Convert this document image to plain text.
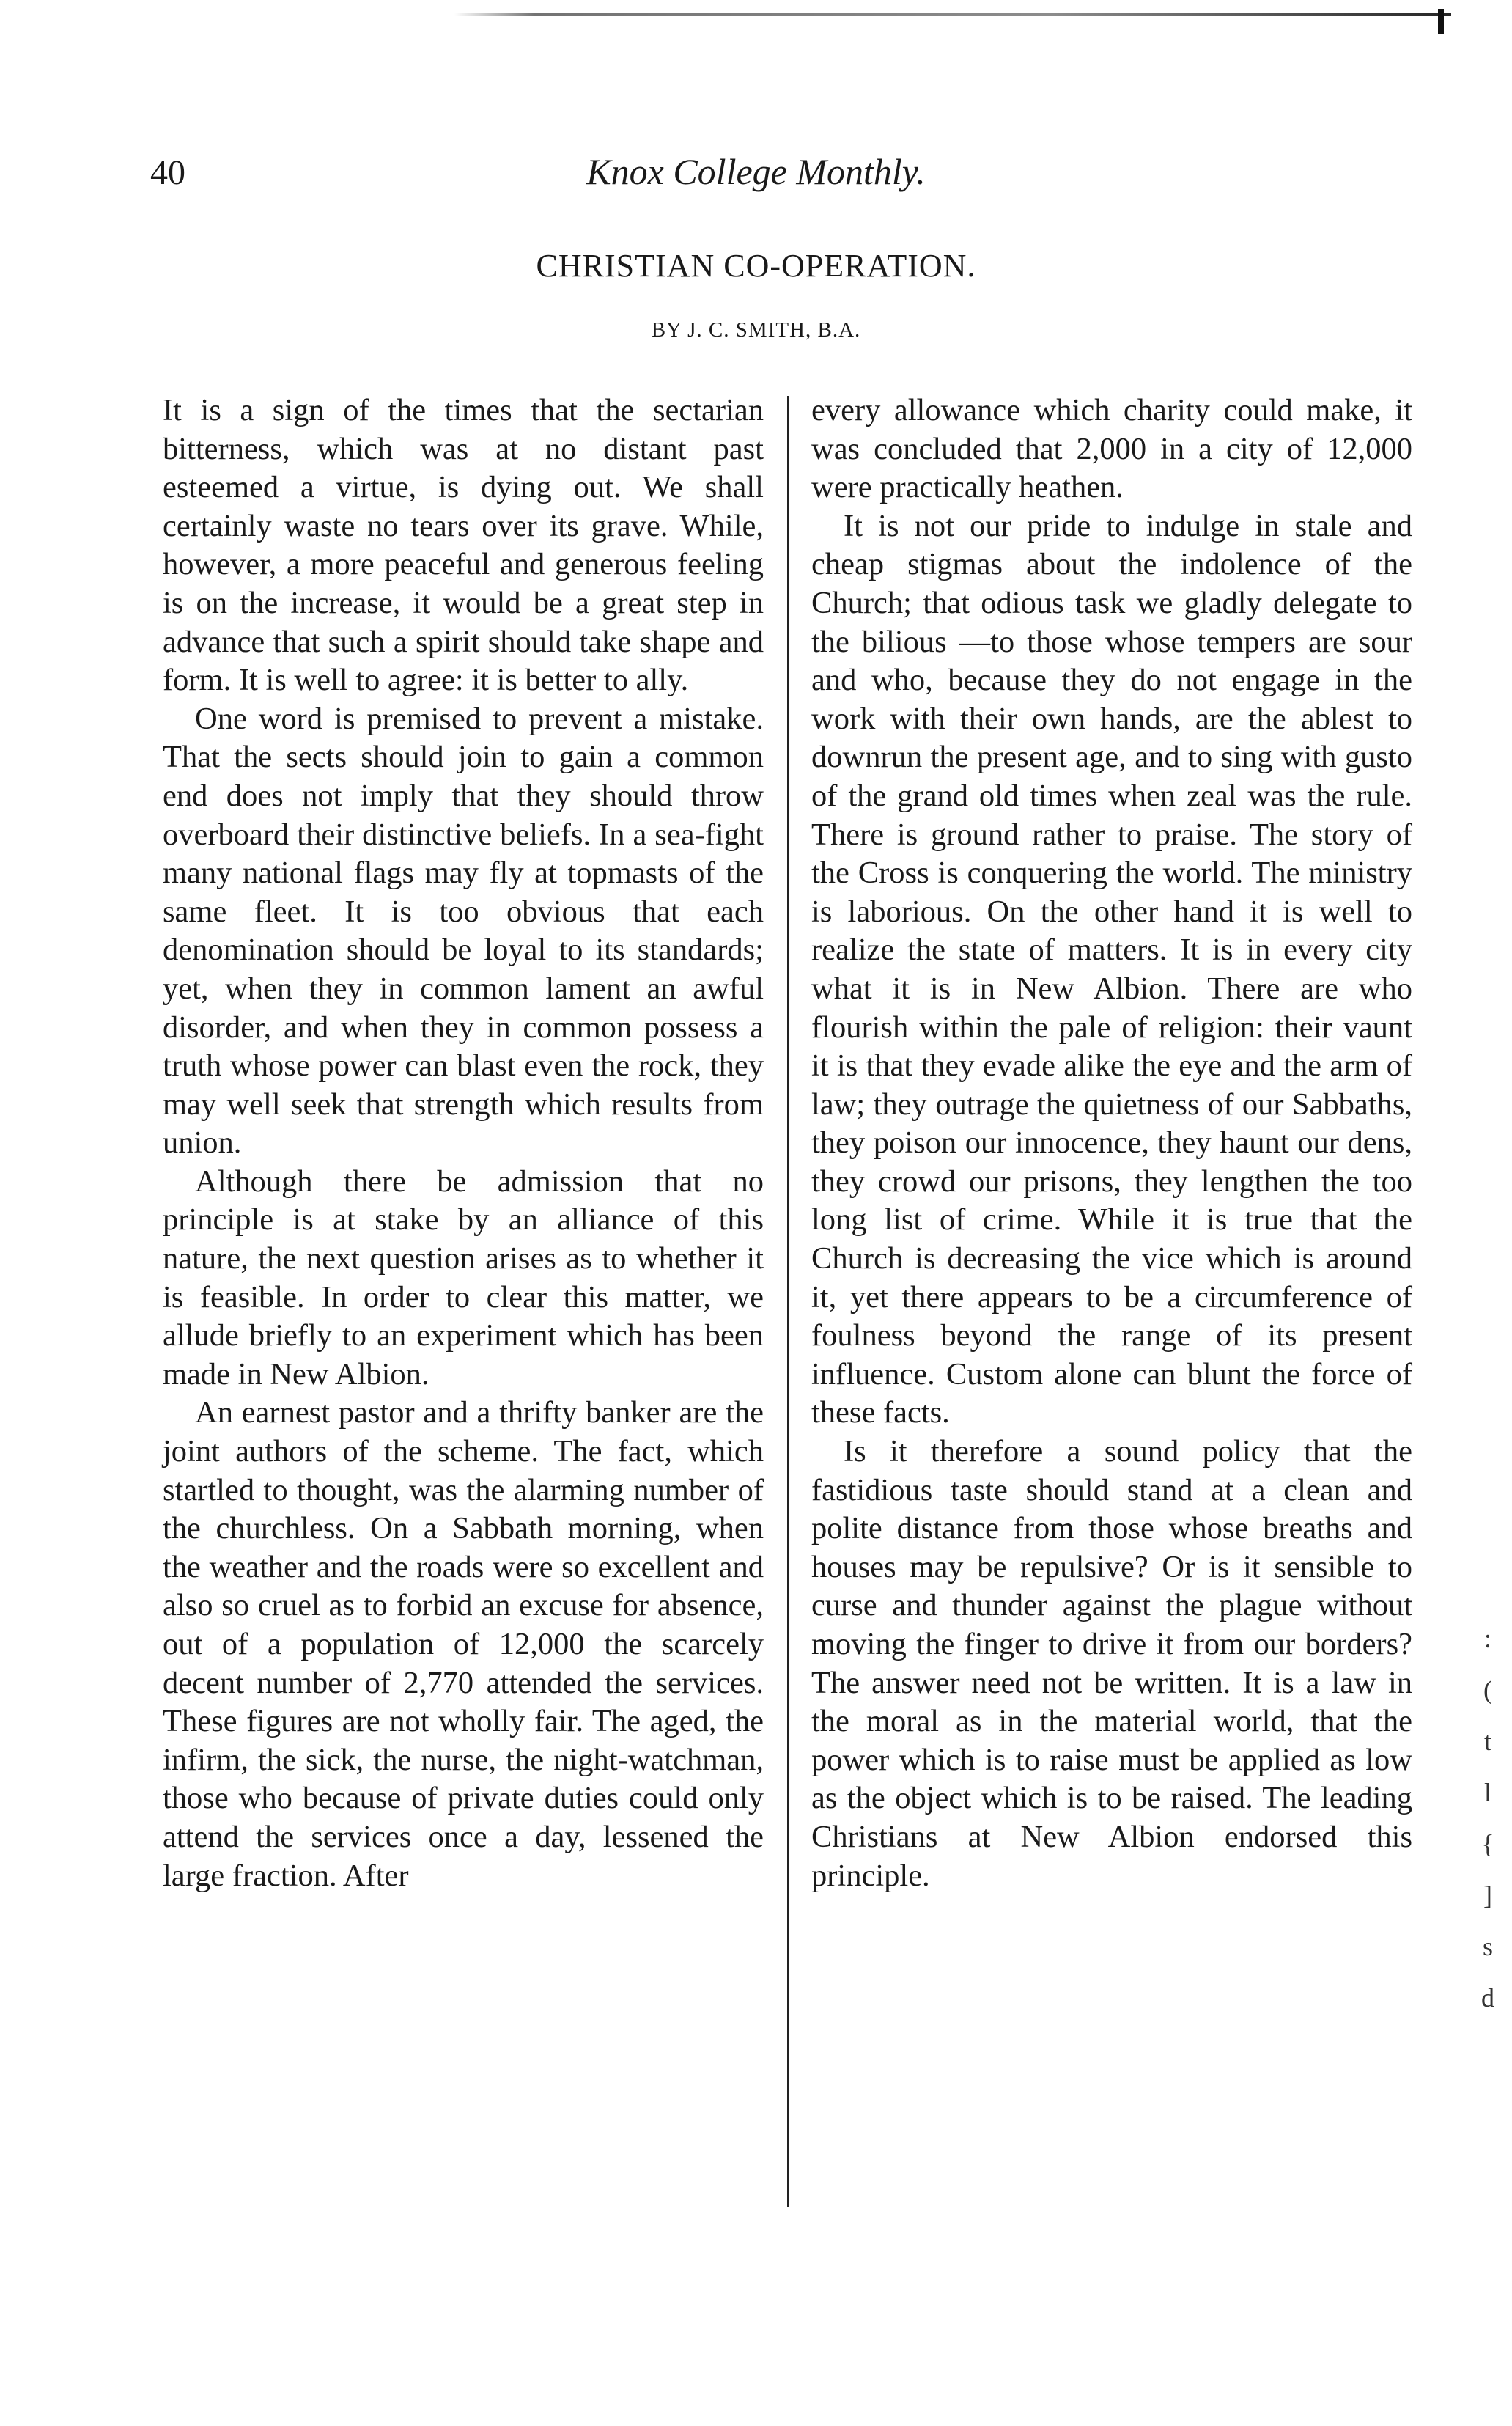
40	Knox College Monthly.
CHRISTIAN CO-OPERATION.
BY J. C. SMITH, B.A.

It is a sign of the times that the sectarian bitterness, which was at no distant past esteemed a virtue, is dying out. We shall certainly waste no tears over its grave. While, however, a more peaceful and generous feeling is on the increase, it would be a great step in advance that such a spirit should take shape and form. It is well to agree: it is better to ally.

One word is premised to prevent a mistake. That the sects should join to gain a common end does not imply that they should throw overboard their distinctive beliefs. In a sea-fight many national flags may fly at topmasts of the same fleet. It is too obvious that each denomination should be loyal to its standards; yet, when they in common lament an awful disorder, and when they in common possess a truth whose power can blast even the rock, they may well seek that strength which results from union.

Although there be admission that no principle is at stake by an alliance of this nature, the next question arises as to whether it is feasible. In order to clear this matter, we allude briefly to an experiment which has been made in New Albion.

An earnest pastor and a thrifty banker are the joint authors of the scheme. The fact, which startled to thought, was the alarming number of the churchless. On a Sabbath morning, when the weather and the roads were so excellent and also so cruel as to forbid an excuse for absence, out of a population of 12,000 the scarcely decent number of 2,770 attended the services. These figures are not wholly fair. The aged, the infirm, the sick, the nurse, the night-watchman, those who because of private duties could only attend the services once a day, lessened the large fraction. After

every allowance which charity could make, it was concluded that 2,000 in a city of 12,000 were practically heathen.

It is not our pride to indulge in stale and cheap stigmas about the indolence of the Church; that odious task we gladly delegate to the bilious —to those whose tempers are sour and who, because they do not engage in the work with their own hands, are the ablest to downrun the present age, and to sing with gusto of the grand old times when zeal was the rule. There is ground rather to praise. The story of the Cross is conquering the world. The ministry is laborious. On the other hand it is well to realize the state of matters. It is in every city what it is in New Albion. There are who flourish within the pale of religion: their vaunt it is that they evade alike the eye and the arm of law; they outrage the quietness of our Sabbaths, they poison our innocence, they haunt our dens, they crowd our prisons, they lengthen the too long list of crime. While it is true that the Church is decreasing the vice which is around it, yet there appears to be a circumference of foulness beyond the range of its present influence. Custom alone can blunt the force of these facts.

Is it therefore a sound policy that the fastidious taste should stand at a clean and polite distance from those whose breaths and houses may be repulsive? Or is it sensible to curse and thunder against the plague without moving the finger to drive it from our borders? The answer need not be written. It is a law in the moral as in the material world, that the power which is to raise must be applied as low as the object which is to be raised. The leading Christians at New Albion endorsed this principle.

:
(
t
l
{
]
s
d
